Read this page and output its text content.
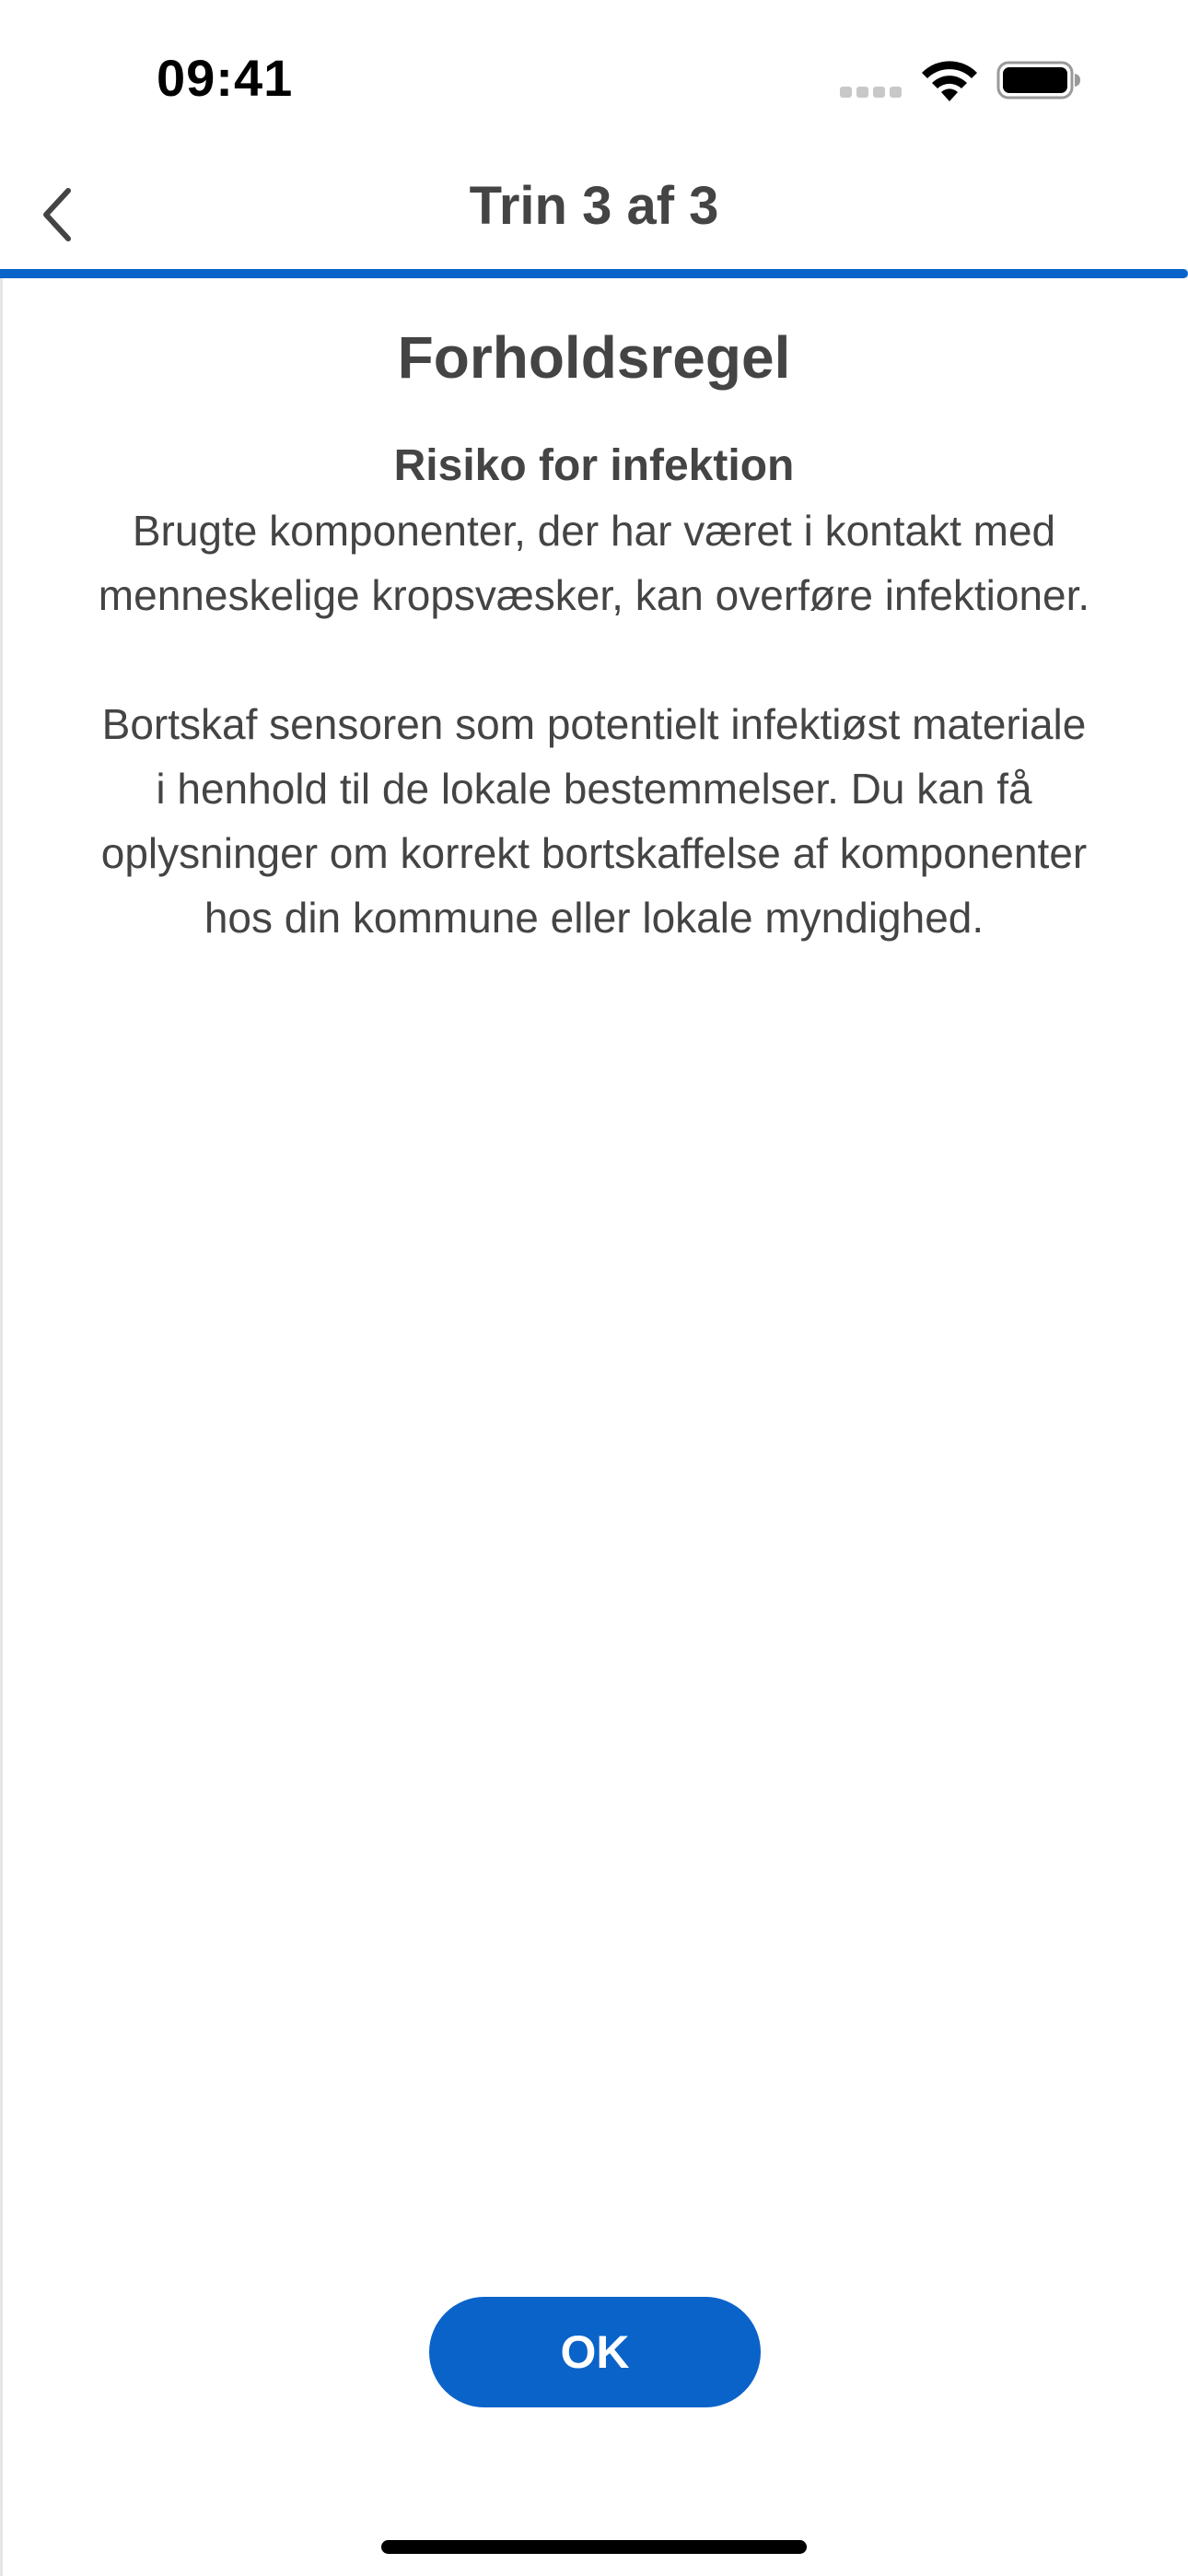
09:41
Trin 3 af 3
Forholdsregel

Risiko for infektion

Brugte komponenter, der har været i kontakt med menneskelige kropsvæsker, kan overføre infektioner.

Bortskaf sensoren som potentielt infektiøst materiale i henhold til de lokale bestemmelser. Du kan få oplysninger om korrekt bortskaffelse af komponenter hos din kommune eller lokale myndighed.

OK
